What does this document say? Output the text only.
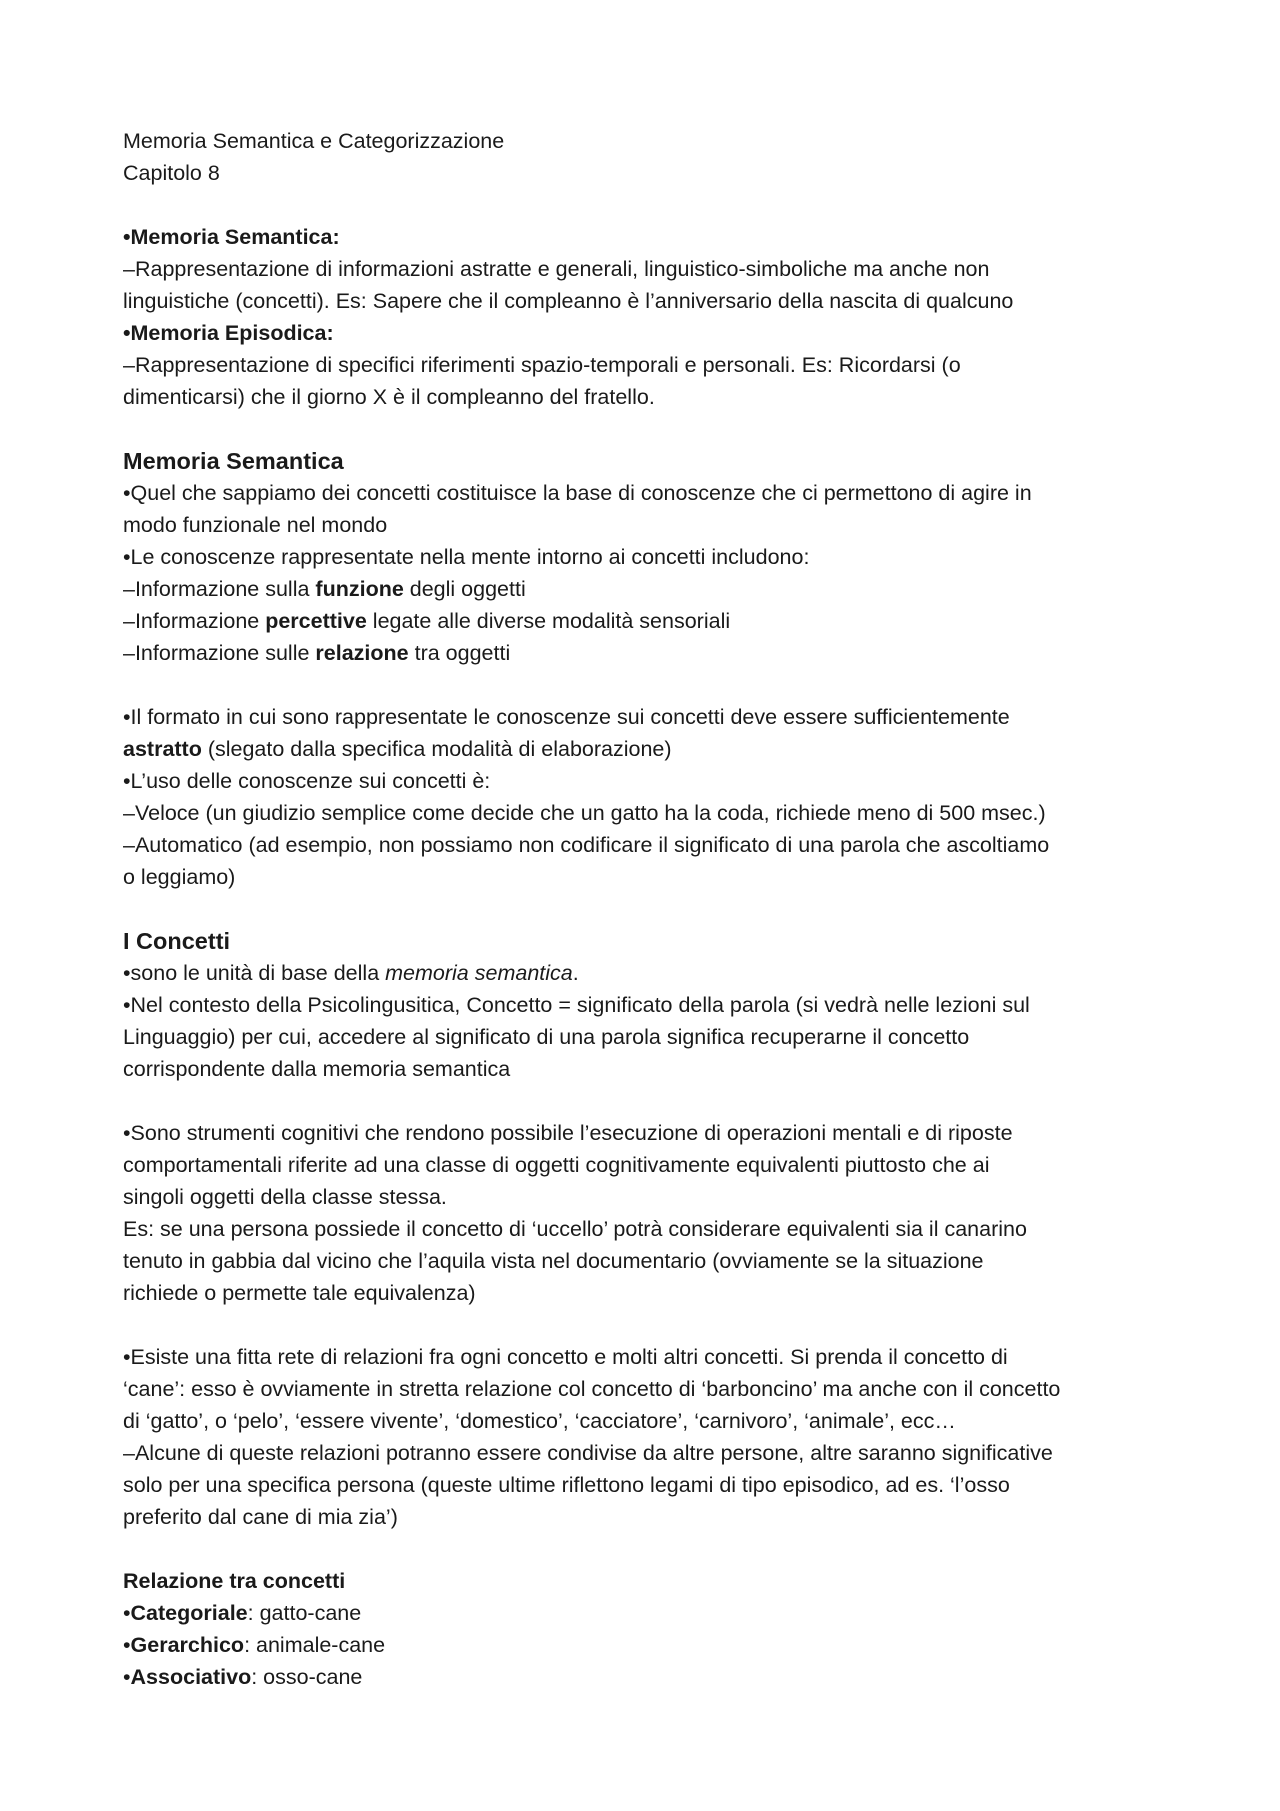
Memoria Semantica e Categorizzazione
Capitolo 8
•Memoria Semantica:
–Rappresentazione di informazioni astratte e generali, linguistico-simboliche ma anche non
linguistiche (concetti). Es: Sapere che il compleanno è l’anniversario della nascita di qualcuno
•Memoria Episodica:
–Rappresentazione di specifici riferimenti spazio-temporali e personali. Es: Ricordarsi (o
dimenticarsi) che il giorno X è il compleanno del fratello.
Memoria Semantica
•Quel che sappiamo dei concetti costituisce la base di conoscenze che ci permettono di agire in
modo funzionale nel mondo
•Le conoscenze rappresentate nella mente intorno ai concetti includono:
–Informazione sulla funzione degli oggetti
–Informazione percettive legate alle diverse modalità sensoriali
–Informazione sulle relazione tra oggetti
•Il formato in cui sono rappresentate le conoscenze sui concetti deve essere sufficientemente
astratto (slegato dalla specifica modalità di elaborazione)
•L’uso delle conoscenze sui concetti è:
–Veloce (un giudizio semplice come decide che un gatto ha la coda, richiede meno di 500 msec.)
–Automatico (ad esempio, non possiamo non codificare il significato di una parola che ascoltiamo
o leggiamo)
I Concetti
•sono le unità di base della memoria semantica.
•Nel contesto della Psicolingusitica, Concetto = significato della parola (si vedrà nelle lezioni sul
Linguaggio) per cui, accedere al significato di una parola significa recuperarne il concetto
corrispondente dalla memoria semantica
•Sono strumenti cognitivi che rendono possibile l’esecuzione di operazioni mentali e di riposte
comportamentali riferite ad una classe di oggetti cognitivamente equivalenti piuttosto che ai
singoli oggetti della classe stessa.
Es: se una persona possiede il concetto di ‘uccello’ potrà considerare equivalenti sia il canarino
tenuto in gabbia dal vicino che l’aquila vista nel documentario (ovviamente se la situazione
richiede o permette tale equivalenza)
•Esiste una fitta rete di relazioni fra ogni concetto e molti altri concetti. Si prenda il concetto di
‘cane’: esso è ovviamente in stretta relazione col concetto di ‘barboncino’ ma anche con il concetto
di ‘gatto’, o ‘pelo’, ‘essere vivente’, ‘domestico’, ‘cacciatore’, ‘carnivoro’, ‘animale’, ecc…
–Alcune di queste relazioni potranno essere condivise da altre persone, altre saranno significative
solo per una specifica persona (queste ultime riflettono legami di tipo episodico, ad es. ‘l’osso
preferito dal cane di mia zia’)
Relazione tra concetti
•Categoriale: gatto-cane
•Gerarchico: animale-cane
•Associativo: osso-cane
